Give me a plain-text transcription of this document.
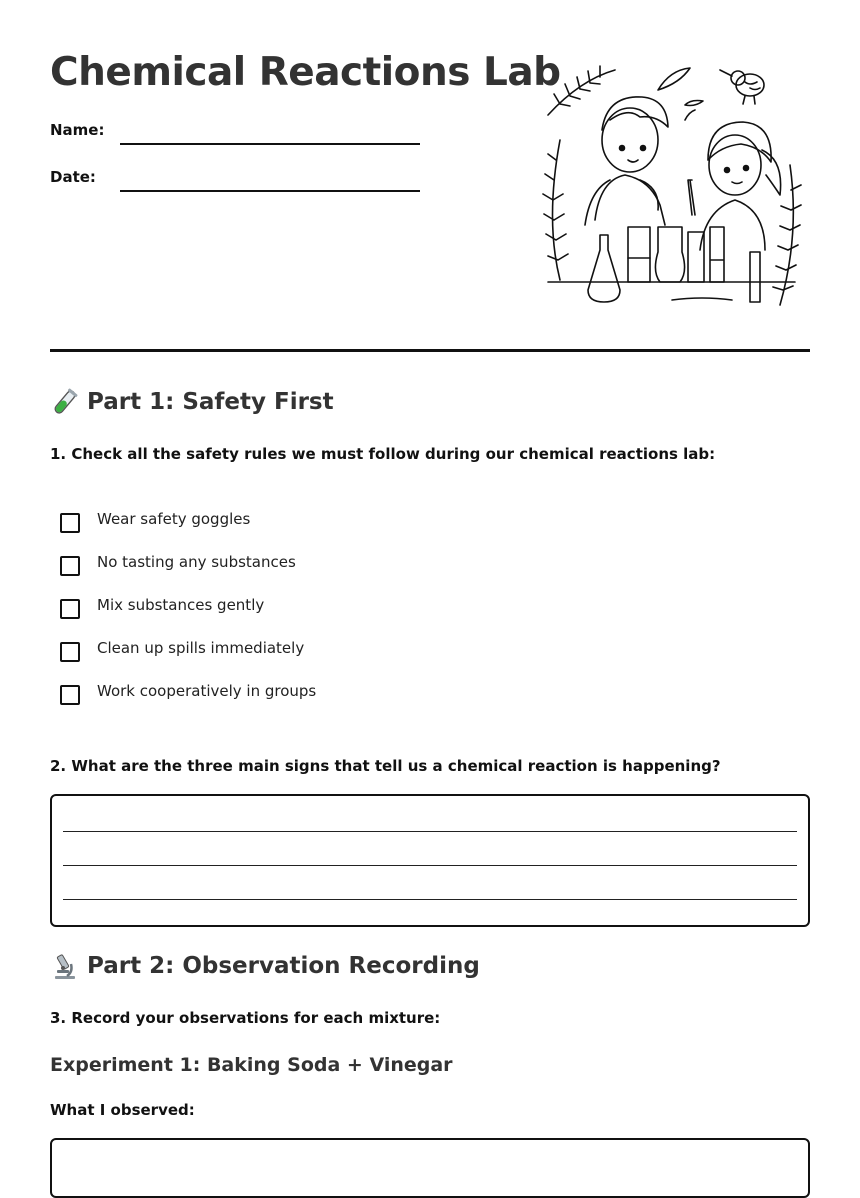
Chemical Reactions Lab
Name:
Date:
Part 1: Safety First
1. Check all the safety rules we must follow during our chemical reactions lab:
Wear safety goggles
No tasting any substances
Mix substances gently
Clean up spills immediately
Work cooperatively in groups
2. What are the three main signs that tell us a chemical reaction is happening?
Part 2: Observation Recording
3. Record your observations for each mixture:
Experiment 1: Baking Soda + Vinegar
What I observed:
